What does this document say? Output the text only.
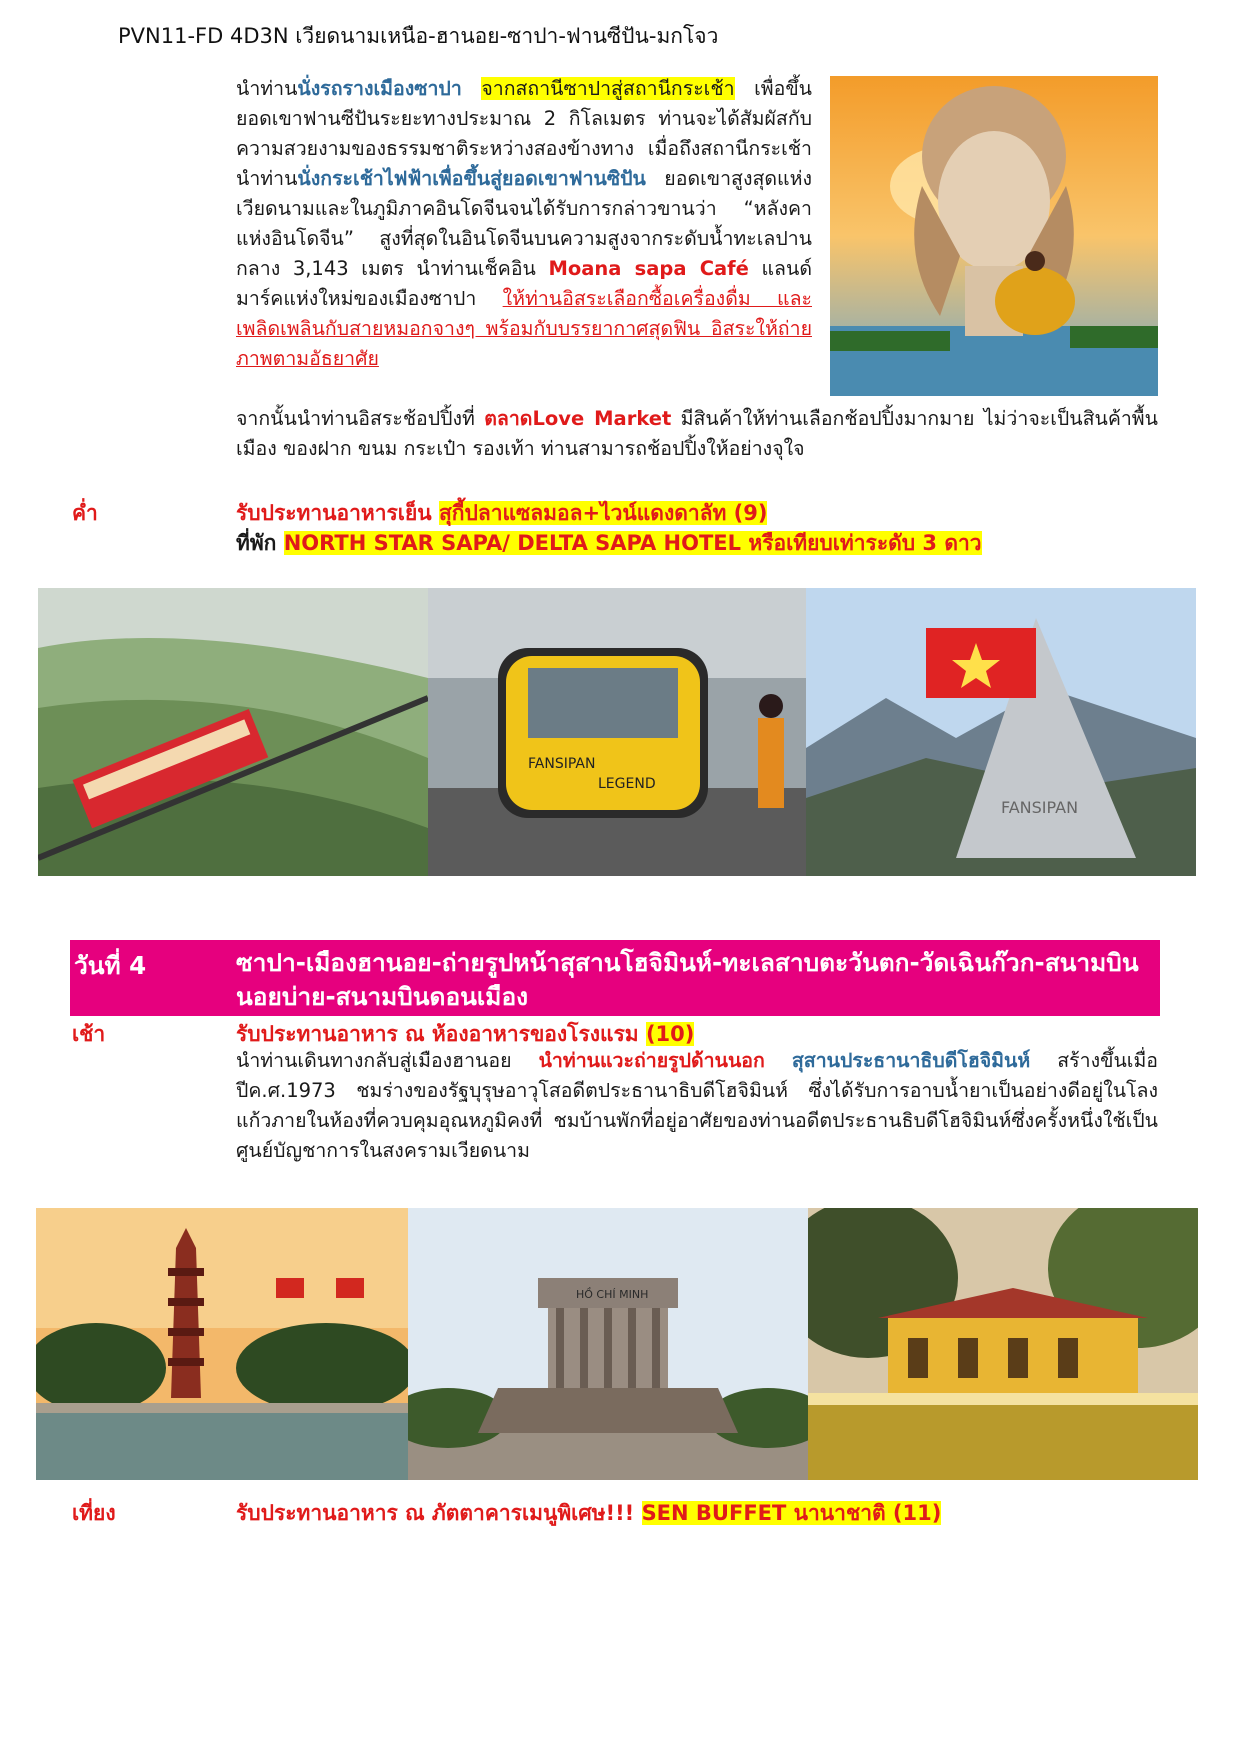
PVN11-FD 4D3N เวียดนามเหนือ-ฮานอย-ซาปา-ฟานซีปัน-มกโจว

นำท่านนั่งรถรางเมืองซาปา จากสถานีซาปาสู่สถานีกระเช้า เพื่อขึ้นยอดเขาฟานซีปันระยะทางประมาณ 2 กิโลเมตร ท่านจะได้สัมผัสกับความสวยงามของธรรมชาติระหว่างสองข้างทาง เมื่อถึงสถานีกระเช้า นำท่านนั่งกระเช้าไฟฟ้าเพื่อขึ้นสู่ยอดเขาฟานซิปัน ยอดเขาสูงสุดแห่งเวียดนามและในภูมิภาคอินโดจีนจนได้รับการกล่าวขานว่า “หลังคาแห่งอินโดจีน” สูงที่สุดในอินโดจีนบนความสูงจากระดับน้ำทะเลปานกลาง 3,143 เมตร นำท่านเช็คอิน Moana sapa Café แลนด์มาร์คแห่งใหม่ของเมืองซาปา ให้ท่านอิสระเลือกซื้อเครื่องดื่ม และเพลิดเพลินกับสายหมอกจางๆ พร้อมกับบรรยากาศสุดฟิน อิสระให้ถ่ายภาพตามอัธยาศัย

จากนั้นนำท่านอิสระช้อปปิ้งที่ ตลาดLove Market มีสินค้าให้ท่านเลือกช้อปปิ้งมากมาย ไม่ว่าจะเป็นสินค้าพื้นเมือง ของฝาก ขนม กระเป๋า รองเท้า ท่านสามารถช้อปปิ้งให้อย่างจุใจ

ค่ำ	รับประทานอาหารเย็น สุกี้ปลาแซลมอล+ไวน์แดงดาลัท (9)
ที่พัก NORTH STAR SAPA/ DELTA SAPA HOTEL หรือเทียบเท่าระดับ 3 ดาว
FANSIPAN
LEGEND
FANSIPAN
วันที่ 4	ซาปา-เมืองฮานอย-ถ่ายรูปหน้าสุสานโฮจิมินห์-ทะเลสาบตะวันตก-วัดเฉินก๊วก-สนามบินนอยบ่าย-สนามบินดอนเมือง
เช้า	รับประทานอาหาร ณ ห้องอาหารของโรงแรม (10)

นำท่านเดินทางกลับสู่เมืองฮานอย นำท่านแวะถ่ายรูปด้านนอก สุสานประธานาธิบดีโฮจิมินห์ สร้างขึ้นเมื่อปีค.ศ.1973 ชมร่างของรัฐบุรุษอาวุโสอดีตประธานาธิบดีโฮจิมินห์ ซึ่งได้รับการอาบน้ำยาเป็นอย่างดีอยู่ในโลงแก้วภายในห้องที่ควบคุมอุณหภูมิคงที่ ชมบ้านพักที่อยู่อาศัยของท่านอดีตประธานธิบดีโฮจิมินห์ซึ่งครั้งหนึ่งใช้เป็นศูนย์บัญชาการในสงครามเวียดนาม

HỒ CHÍ MINH
เที่ยง	รับประทานอาหาร ณ ภัตตาคารเมนูพิเศษ!!! SEN BUFFET นานาชาติ (11)
